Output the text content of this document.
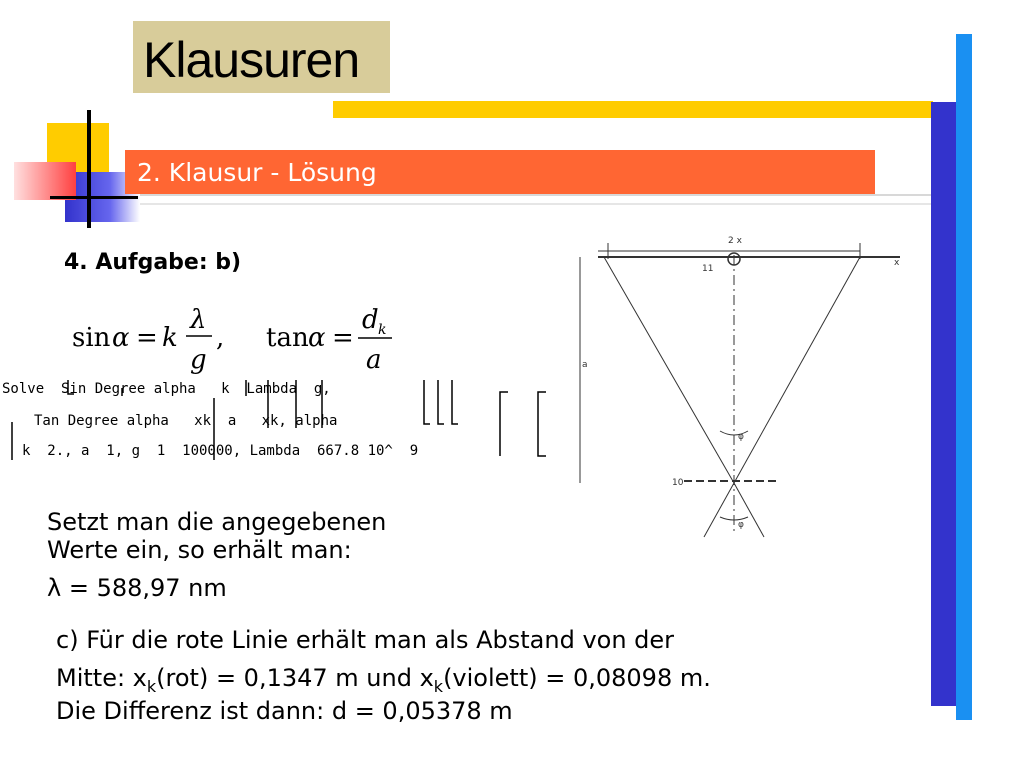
Klausuren
2. Klausur - Lösung
4. Aufgabe: b)
sin α = k
λ
g
, tan α =
d k
a
Solve  Sin Degree alpha   k  Lambda  g,
Tan Degree alpha   xk  a   xk, alpha
k  2., a  1, g  1  100000, Lambda  667.8 10^  9
2 x
x
11
10
a
φ
φ
Setzt man die angegebenen
Werte ein, so erhält man:
λ = 588,97 nm
c) Für die rote Linie erhält man als Abstand von der
Mitte: $x_k(rot) = 0,1347$ m und $x_k(violett) = 0,08098$ m.
Die Differenz ist dann: d = 0,05378 m
